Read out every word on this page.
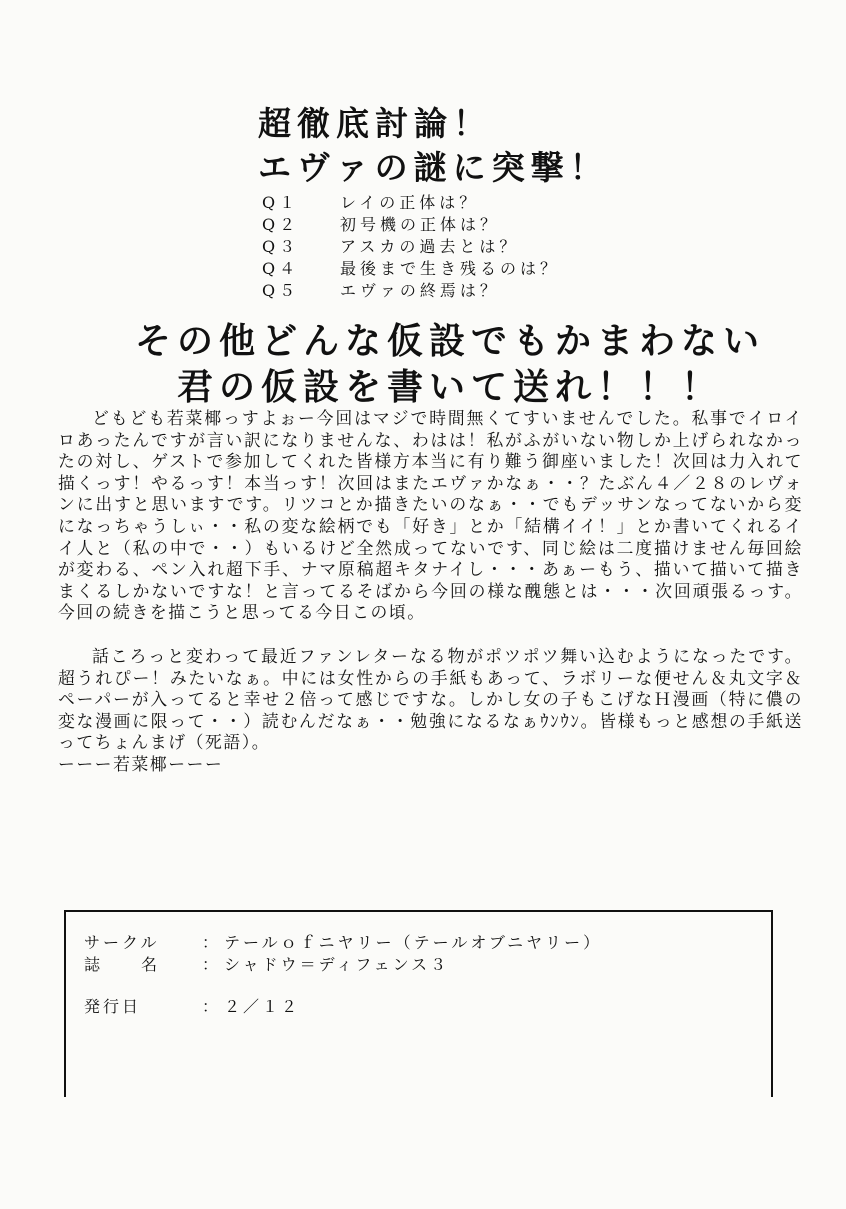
超徹底討論！
エヴァの謎に突撃！
Q１	レイの正体は？
Q２	初号機の正体は？
Q３	アスカの過去とは？
Q４	最後まで生き残るのは？
Q５	エヴァの終焉は？
その他どんな仮設でもかまわない
君の仮設を書いて送れ！！！

どもども若菜椰っすよぉー今回はマジで時間無くてすいませんでした。私事でイロイロあったんですが言い訳になりませんな、わはは！私がふがいない物しか上げられなかったの対し、ゲストで参加してくれた皆様方本当に有り難う御座いました！次回は力入れて描くっす！やるっす！本当っす！次回はまたエヴァかなぁ・・？たぶん４／２８のレヴォンに出すと思いますです。リツコとか描きたいのなぁ・・でもデッサンなってないから変になっちゃうしぃ・・私の変な絵柄でも「好き」とか「結構イイ！」とか書いてくれるイイ人と（私の中で・・）もいるけど全然成ってないです、同じ絵は二度描けません毎回絵が変わる、ペン入れ超下手、ナマ原稿超キタナイし・・・あぁーもう、描いて描いて描きまくるしかないですな！と言ってるそばから今回の様な醜態とは・・・次回頑張るっす。今回の続きを描こうと思ってる今日この頃。

話ころっと変わって最近ファンレターなる物がポツポツ舞い込むようになったです。超うれぴー！みたいなぁ。中には女性からの手紙もあって、ラボリーな便せん＆丸文字＆ペーパーが入ってると幸せ２倍って感じですな。しかし女の子もこげなＨ漫画（特に儂の変な漫画に限って・・）読むんだなぁ・・勉強になるなぁｳﾝｳﾝ。皆様もっと感想の手紙送ってちょんまげ（死語）。

ーーー若菜椰ーーー

サークル	： テールｏｆニヤリー（テールオブニヤリー）
誌　　名	： シャドウ＝ディフェンス３
発行日	： ２／１２
